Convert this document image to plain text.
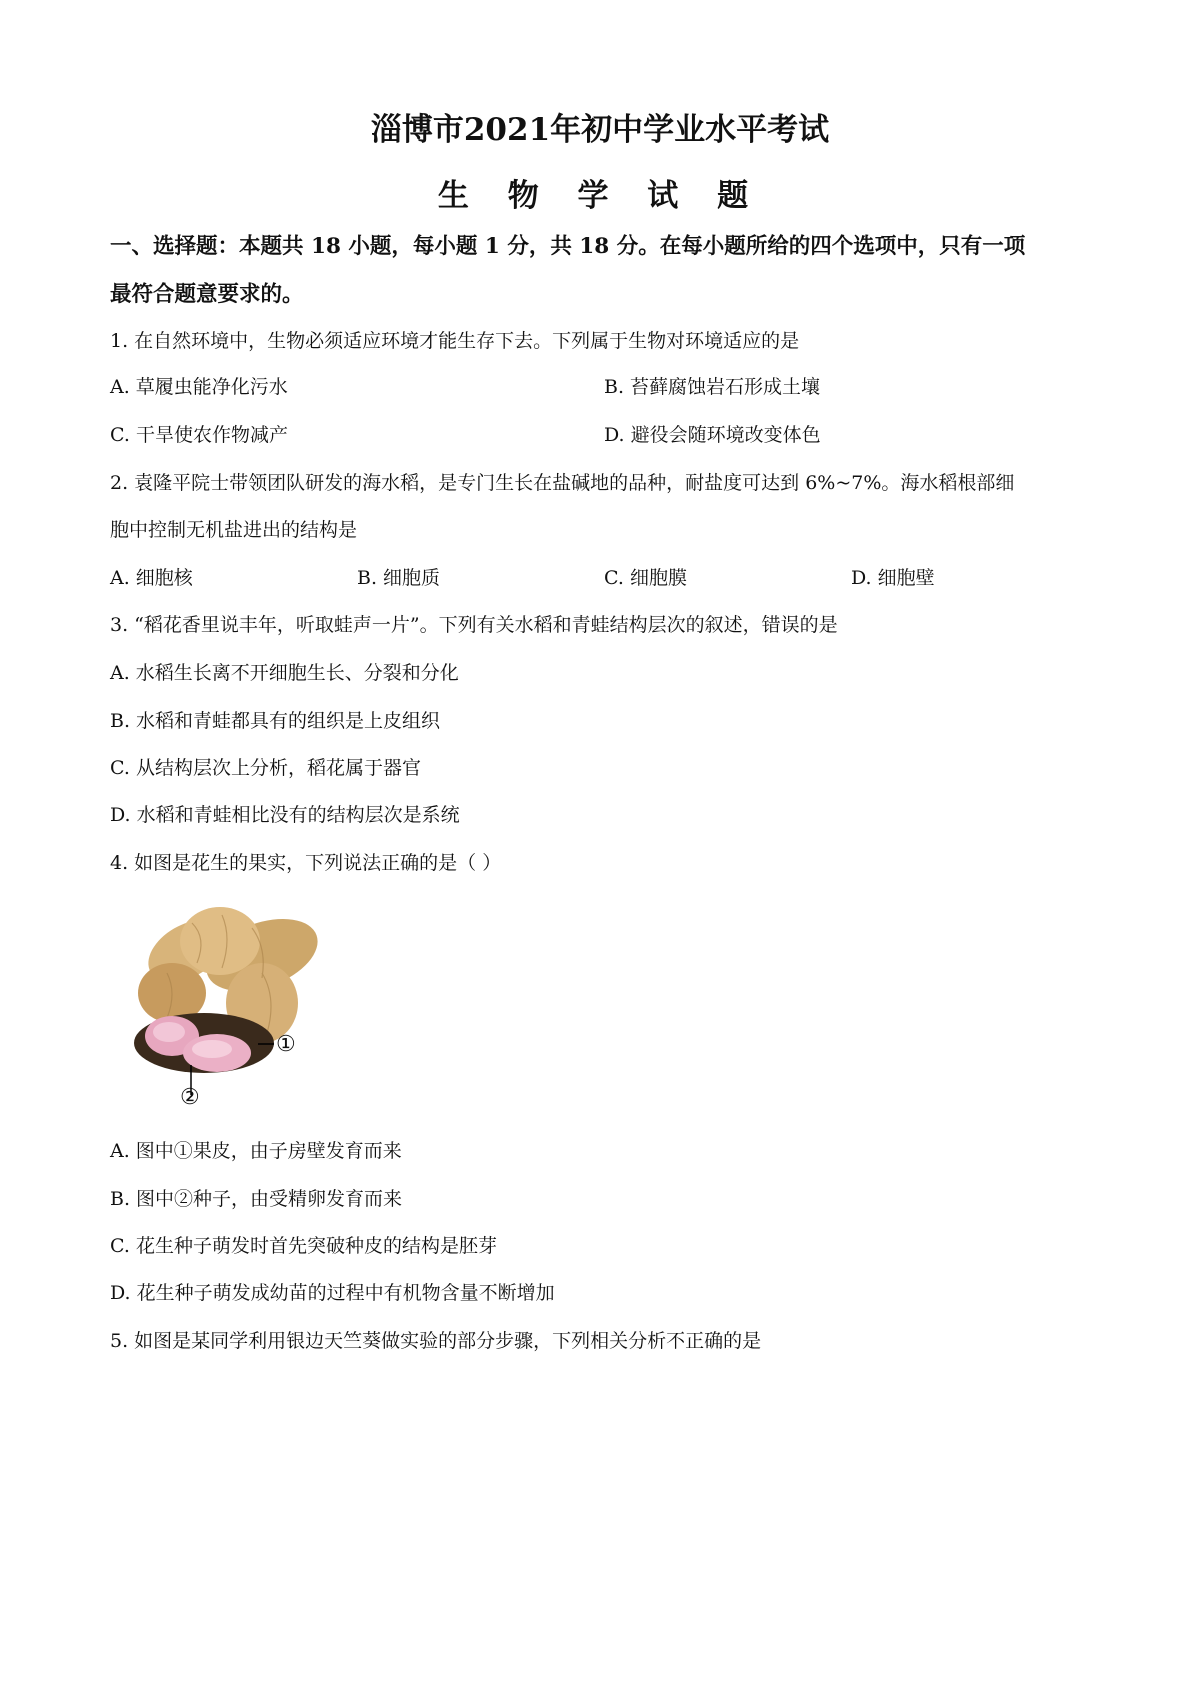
淄博市2021年初中学业水平考试
生 物 学 试 题
一、选择题：本题共 18 小题，每小题 1 分，共 18 分。在每小题所给的四个选项中，只有一项
最符合题意要求的。
1. 在自然环境中，生物必须适应环境才能生存下去。下列属于生物对环境适应的是
A. 草履虫能净化污水	B. 苔藓腐蚀岩石形成土壤
C. 干旱使农作物减产	D. 避役会随环境改变体色
2. 袁隆平院士带领团队研发的海水稻，是专门生长在盐碱地的品种，耐盐度可达到 6%~7%。海水稻根部细
胞中控制无机盐进出的结构是
A. 细胞核	B. 细胞质	C. 细胞膜	D. 细胞壁
3. “稻花香里说丰年，听取蛙声一片”。下列有关水稻和青蛙结构层次的叙述，错误的是
A. 水稻生长离不开细胞生长、分裂和分化
B. 水稻和青蛙都具有的组织是上皮组织
C. 从结构层次上分析，稻花属于器官
D. 水稻和青蛙相比没有的结构层次是系统
4. 如图是花生的果实，下列说法正确的是（ ）
①
②
A. 图中①果皮，由子房壁发育而来
B. 图中②种子，由受精卵发育而来
C. 花生种子萌发时首先突破种皮的结构是胚芽
D. 花生种子萌发成幼苗的过程中有机物含量不断增加
5. 如图是某同学利用银边天竺葵做实验的部分步骤，下列相关分析不正确的是
